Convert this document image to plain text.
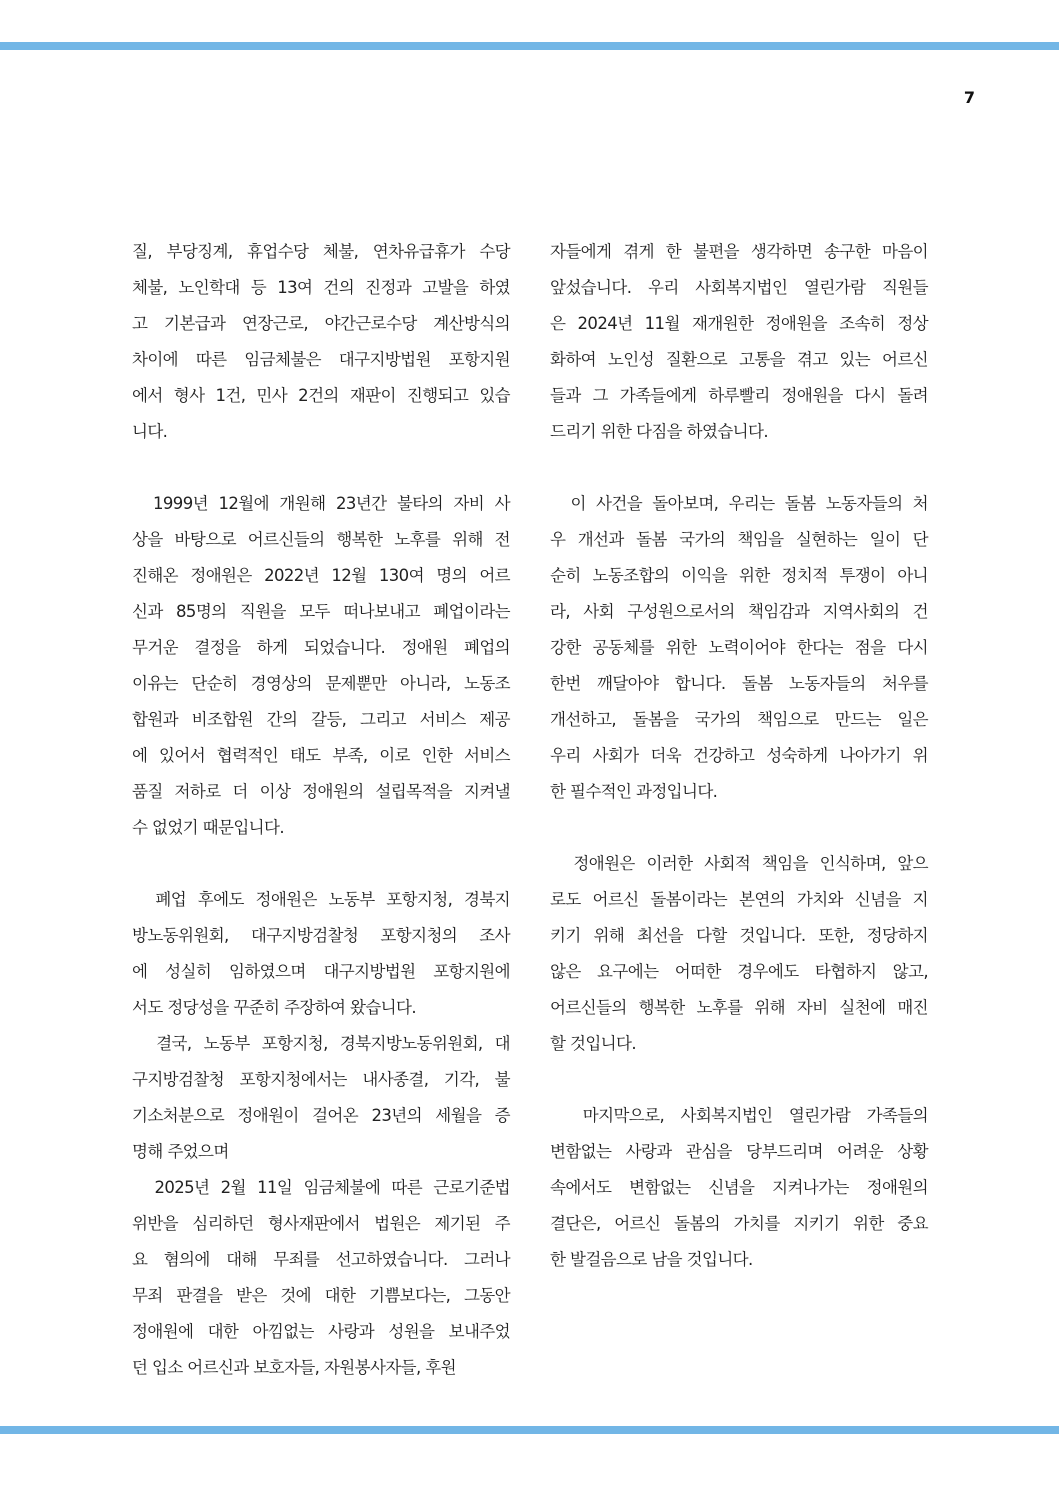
7

질, 부당징계, 휴업수당 체불, 연차유급휴가 수당
체불, 노인학대 등 13여 건의 진정과 고발을 하였
고 기본급과 연장근로, 야간근로수당 계산방식의
차이에 따른 임금체불은 대구지방법원 포항지원
에서 형사 1건, 민사 2건의 재판이 진행되고 있습
니다.

1999년 12월에 개원해 23년간 불타의 자비 사
상을 바탕으로 어르신들의 행복한 노후를 위해 전
진해온 정애원은 2022년 12월 130여 명의 어르
신과 85명의 직원을 모두 떠나보내고 폐업이라는
무거운 결정을 하게 되었습니다. 정애원 폐업의
이유는 단순히 경영상의 문제뿐만 아니라, 노동조
합원과 비조합원 간의 갈등, 그리고 서비스 제공
에 있어서 협력적인 태도 부족, 이로 인한 서비스
품질 저하로 더 이상 정애원의 설립목적을 지켜낼
수 없었기 때문입니다.

폐업 후에도 정애원은 노동부 포항지청, 경북지
방노동위원회, 대구지방검찰청 포항지청의 조사
에 성실히 임하였으며 대구지방법원 포항지원에
서도 정당성을 꾸준히 주장하여 왔습니다.

결국, 노동부 포항지청, 경북지방노동위원회, 대
구지방검찰청 포항지청에서는 내사종결, 기각, 불
기소처분으로 정애원이 걸어온 23년의 세월을 증
명해 주었으며

2025년 2월 11일 임금체불에 따른 근로기준법
위반을 심리하던 형사재판에서 법원은 제기된 주
요 혐의에 대해 무죄를 선고하였습니다. 그러나
무죄 판결을 받은 것에 대한 기쁨보다는, 그동안
정애원에 대한 아낌없는 사랑과 성원을 보내주었
던 입소 어르신과 보호자들, 자원봉사자들, 후원

자들에게 겪게 한 불편을 생각하면 송구한 마음이
앞섰습니다. 우리 사회복지법인 열린가람 직원들
은 2024년 11월 재개원한 정애원을 조속히 정상
화하여 노인성 질환으로 고통을 겪고 있는 어르신
들과 그 가족들에게 하루빨리 정애원을 다시 돌려
드리기 위한 다짐을 하였습니다.

이 사건을 돌아보며, 우리는 돌봄 노동자들의 처
우 개선과 돌봄 국가의 책임을 실현하는 일이 단
순히 노동조합의 이익을 위한 정치적 투쟁이 아니
라, 사회 구성원으로서의 책임감과 지역사회의 건
강한 공동체를 위한 노력이어야 한다는 점을 다시
한번 깨달아야 합니다. 돌봄 노동자들의 처우를
개선하고, 돌봄을 국가의 책임으로 만드는 일은
우리 사회가 더욱 건강하고 성숙하게 나아가기 위
한 필수적인 과정입니다.

정애원은 이러한 사회적 책임을 인식하며, 앞으
로도 어르신 돌봄이라는 본연의 가치와 신념을 지
키기 위해 최선을 다할 것입니다. 또한, 정당하지
않은 요구에는 어떠한 경우에도 타협하지 않고,
어르신들의 행복한 노후를 위해 자비 실천에 매진
할 것입니다.

마지막으로, 사회복지법인 열린가람 가족들의
변함없는 사랑과 관심을 당부드리며 어려운 상황
속에서도 변함없는 신념을 지켜나가는 정애원의
결단은, 어르신 돌봄의 가치를 지키기 위한 중요
한 발걸음으로 남을 것입니다.
